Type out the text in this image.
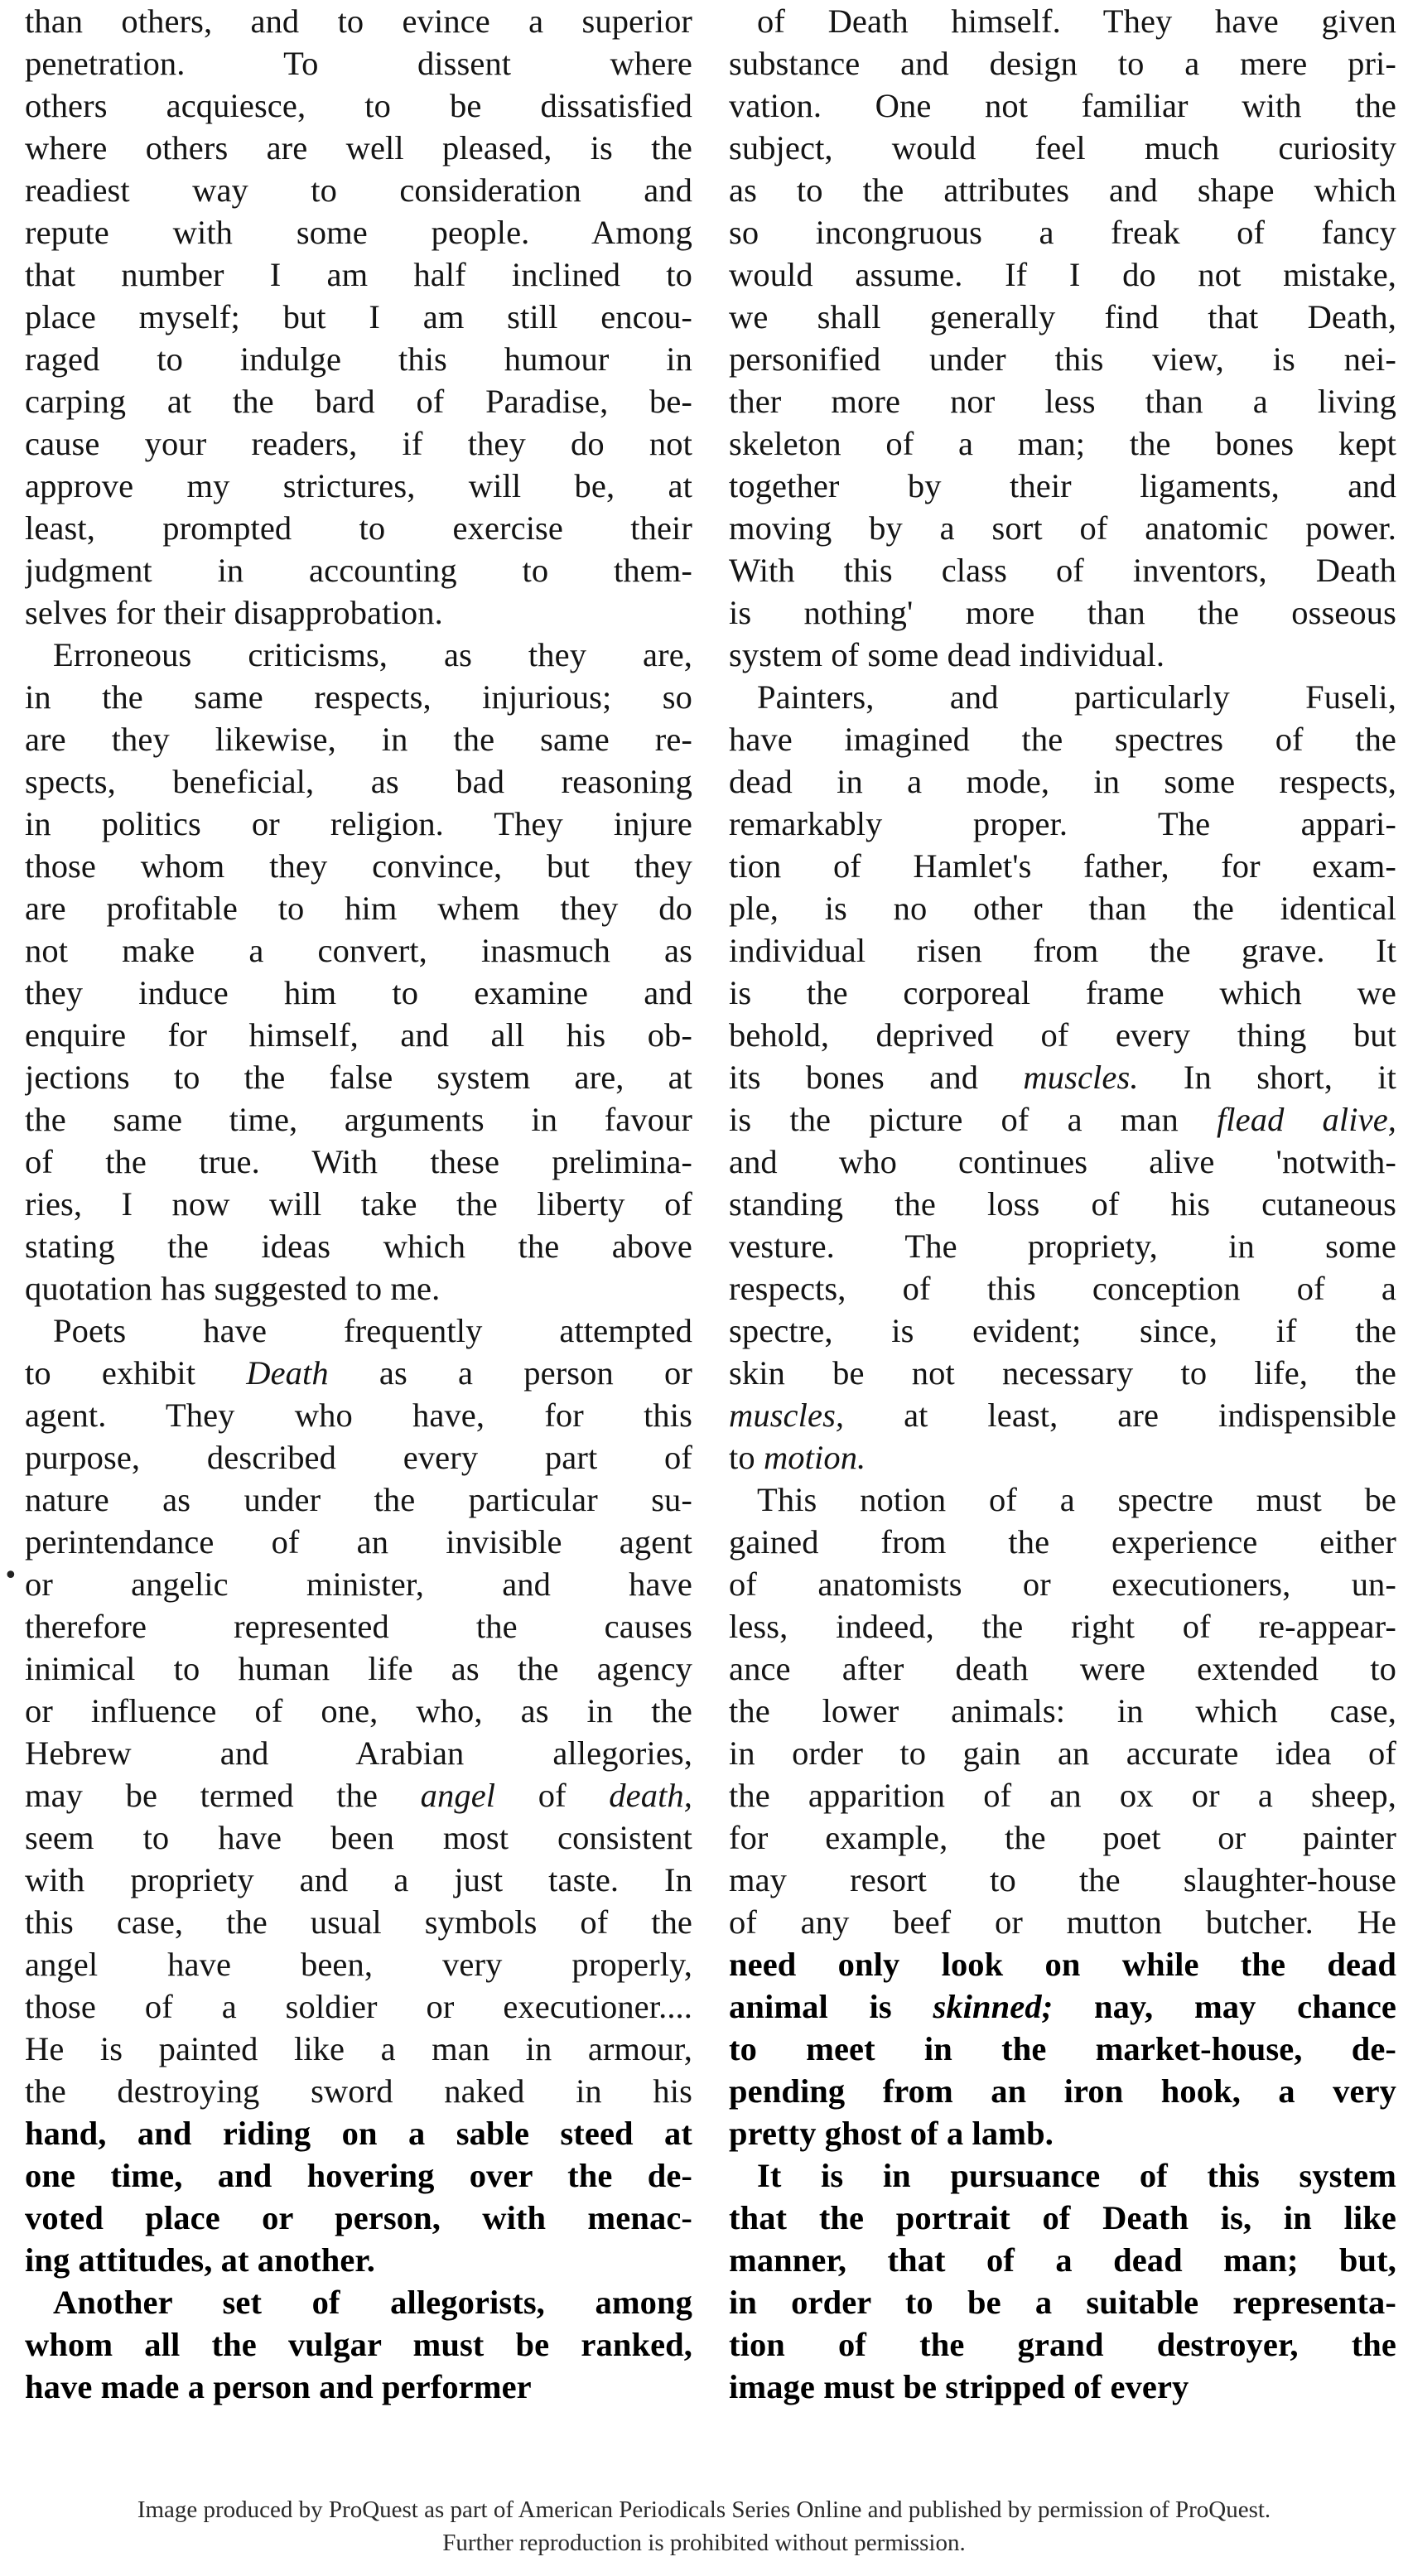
than others, and to evince a superior
penetration. To dissent where
others acquiesce, to be dissatisfied
where others are well pleased, is the
readiest way to consideration and
repute with some people. Among
that number I am half inclined to
place myself; but I am still encou-
raged to indulge this humour in
carping at the bard of Paradise, be-
cause your readers, if they do not
approve my strictures, will be, at
least, prompted to exercise their
judgment in accounting to them-
selves for their disapprobation.

Erroneous criticisms, as they are,
in the same respects, injurious; so
are they likewise, in the same re-
spects, beneficial, as bad reasoning
in politics or religion. They injure
those whom they convince, but they
are profitable to him whem they do
not make a convert, inasmuch as
they induce him to examine and
enquire for himself, and all his ob-
jections to the false system are, at
the same time, arguments in favour
of the true. With these prelimina-
ries, I now will take the liberty of
stating the ideas which the above
quotation has suggested to me.

Poets have frequently attempted
to exhibit Death as a person or
agent. They who have, for this
purpose, described every part of
nature as under the particular su-
perintendance of an invisible agent
or angelic minister, and have
therefore represented the causes
inimical to human life as the agency
or influence of one, who, as in the
Hebrew and Arabian allegories,
may be termed the angel of death,
seem to have been most consistent
with propriety and a just taste. In
this case, the usual symbols of the
angel have been, very properly,
those of a soldier or executioner....
He is painted like a man in armour,
the destroying sword naked in his
hand, and riding on a sable steed at
one time, and hovering over the de-
voted place or person, with menac-
ing attitudes, at another.

Another set of allegorists, among
whom all the vulgar must be ranked,
have made a person and performer

•

of Death himself. They have given
substance and design to a mere pri-
vation. One not familiar with the
subject, would feel much curiosity
as to the attributes and shape which
so incongruous a freak of fancy
would assume. If I do not mistake,
we shall generally find that Death,
personified under this view, is nei-
ther more nor less than a living
skeleton of a man; the bones kept
together by their ligaments, and
moving by a sort of anatomic power.
With this class of inventors, Death
is nothing' more than the osseous
system of some dead individual.

Painters, and particularly Fuseli,
have imagined the spectres of the
dead in a mode, in some respects,
remarkably proper. The appari-
tion of Hamlet's father, for exam-
ple, is no other than the identical
individual risen from the grave. It
is the corporeal frame which we
behold, deprived of every thing but
its bones and muscles. In short, it
is the picture of a man flead alive,
and who continues alive 'notwith-
standing the loss of his cutaneous
vesture. The propriety, in some
respects, of this conception of a
spectre, is evident; since, if the
skin be not necessary to life, the
muscles, at least, are indispensible
to motion.

This notion of a spectre must be
gained from the experience either
of anatomists or executioners, un-
less, indeed, the right of re-appear-
ance after death were extended to
the lower animals: in which case,
in order to gain an accurate idea of
the apparition of an ox or a sheep,
for example, the poet or painter
may resort to the slaughter-house
of any beef or mutton butcher. He
need only look on while the dead
animal is skinned; nay, may chance
to meet in the market-house, de-
pending from an iron hook, a very
pretty ghost of a lamb.

It is in pursuance of this system
that the portrait of Death is, in like
manner, that of a dead man; but,
in order to be a suitable representa-
tion of the grand destroyer, the
image must be stripped of every

Image produced by ProQuest as part of American Periodicals Series Online and published by permission of ProQuest.
Further reproduction is prohibited without permission.
